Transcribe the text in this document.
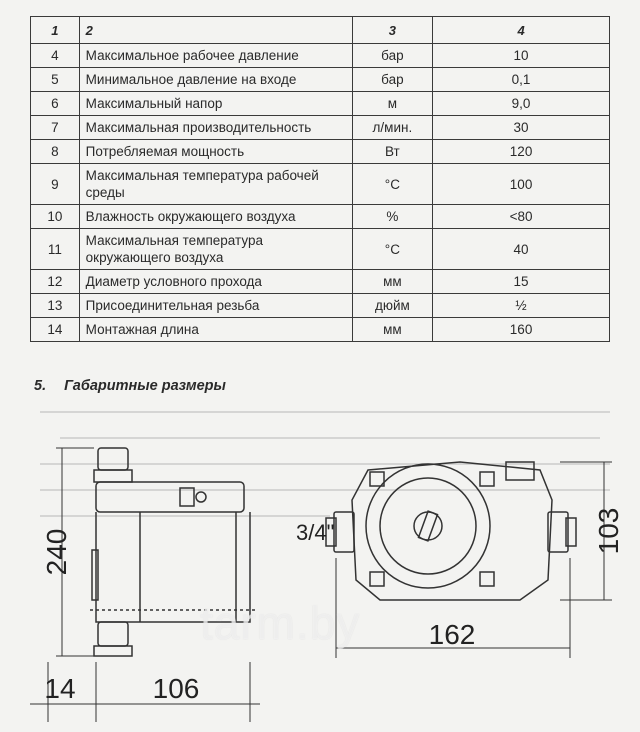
1	2	3	4
4	Максимальное рабочее давление	бар	10
5	Минимальное давление на входе	бар	0,1
6	Максимальный напор	м	9,0
7	Максимальная производительность	л/мин.	30
8	Потребляемая мощность	Вт	120
9	Максимальная температура рабочей
среды	°С	100
10	Влажность окружающего воздуха	%	<80
11	Максимальная температура
окружающего воздуха	°С	40
12	Диаметр условного прохода	мм	15
13	Присоединительная резьба	дюйм	½
14	Монтажная длина	мм	160
5. Габаритные размеры
240
14	106
3/4"	103
162
tarm.by
